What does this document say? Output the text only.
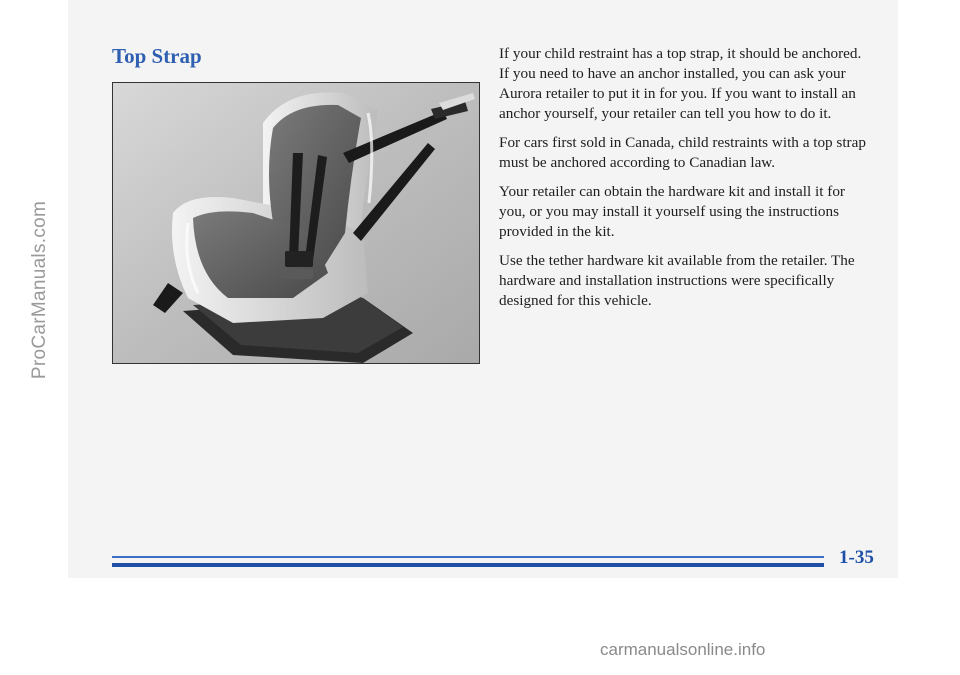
ProCarManuals.com
Top Strap	If your child restraint has a top strap, it should be anchored. If you need to have an anchor installed, you can ask your Aurora retailer to put it in for you. If you want to install an anchor yourself, your retailer can tell you how to do it.

For cars first sold in Canada, child restraints with a top strap must be anchored according to Canadian law.

Your retailer can obtain the hardware kit and install it for you, or you may install it yourself using the instructions provided in the kit.

Use the tether hardware kit available from the retailer. The hardware and installation instructions were specifically designed for this vehicle.

1-35

carmanualsonline.info
